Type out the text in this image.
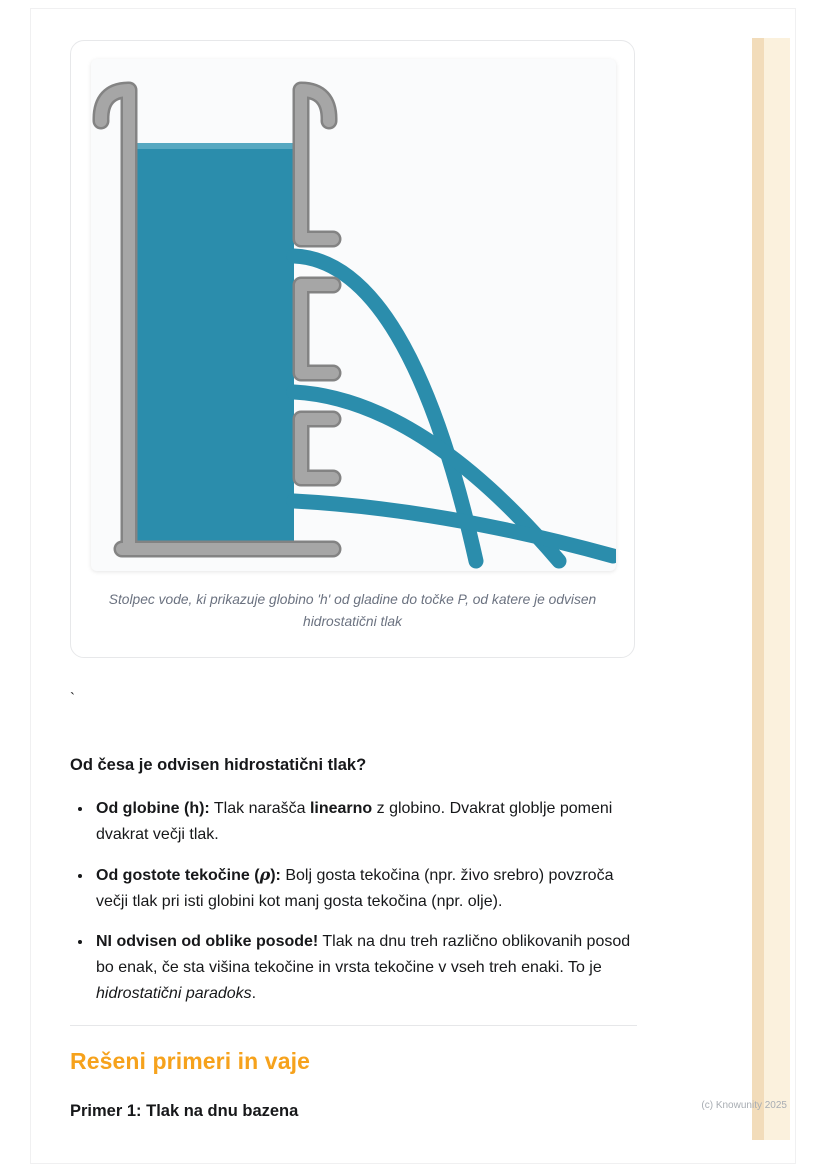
Stolpec vode, ki prikazuje globino 'h' od gladine do točke P, od katere je odvisen hidrostatični tlak
`

Od česa je odvisen hidrostatični tlak?

• Od globine (h): Tlak narašča linearno z globino. Dvakrat globlje pomeni dvakrat večji tlak.
• Od gostote tekočine (ρ): Bolj gosta tekočina (npr. živo srebro) povzroča večji tlak pri isti globini kot manj gosta tekočina (npr. olje).
• NI odvisen od oblike posode! Tlak na dnu treh različno oblikovanih posod bo enak, če sta višina tekočine in vrsta tekočine v vseh treh enaki. To je hidrostatični paradoks.
Rešeni primeri in vaje

Primer 1: Tlak na dnu bazena	(c) Knowunity 2025
